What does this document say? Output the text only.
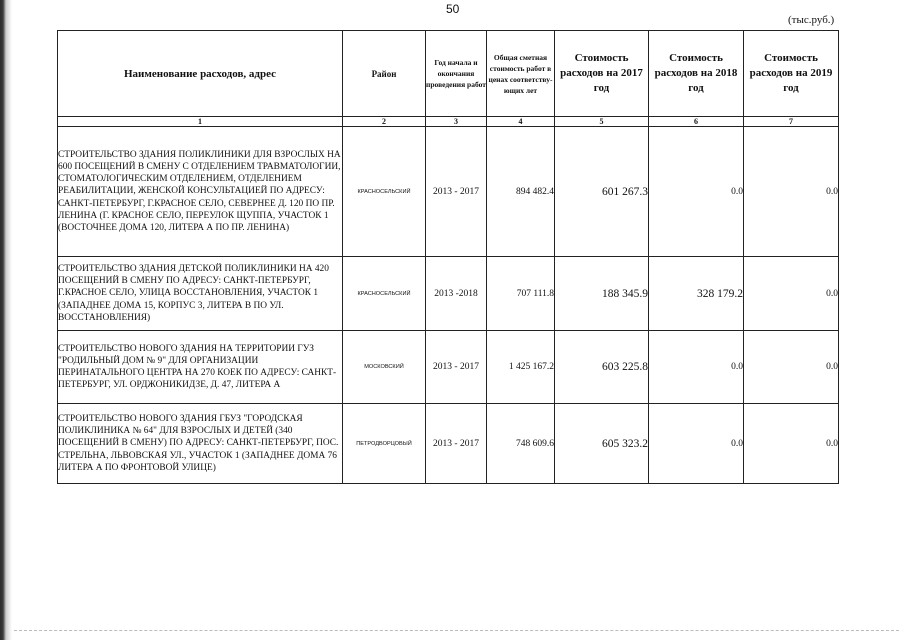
50
(тыс.руб.)
Наименование расходов, адрес	Район	Год начала и окончания проведения работ	Общая сметная стоимость работ в ценах соответству-ющих лет	Стоимость расходов на 2017 год	Стоимость расходов на 2018 год	Стоимость расходов на 2019 год
1	2	3	4	5	6	7
СТРОИТЕЛЬСТВО ЗДАНИЯ ПОЛИКЛИНИКИ ДЛЯ ВЗРОСЛЫХ НА 600 ПОСЕЩЕНИЙ В СМЕНУ С ОТДЕЛЕНИЕМ ТРАВМАТОЛОГИИ, СТОМАТОЛОГИЧЕСКИМ ОТДЕЛЕНИЕМ, ОТДЕЛЕНИЕМ РЕАБИЛИТАЦИИ, ЖЕНСКОЙ КОНСУЛЬТАЦИЕЙ ПО АДРЕСУ: САНКТ-ПЕТЕРБУРГ, Г.КРАСНОЕ СЕЛО, СЕВЕРНЕЕ Д. 120 ПО ПР. ЛЕНИНА (Г. КРАСНОЕ СЕЛО, ПЕРЕУЛОК ЩУППА, УЧАСТОК 1 (ВОСТОЧНЕЕ ДОМА 120, ЛИТЕРА А ПО ПР. ЛЕНИНА)	КРАСНОСЕЛЬСКИЙ	2013 - 2017	894 482.4	601 267.3	0.0	0.0
СТРОИТЕЛЬСТВО ЗДАНИЯ ДЕТСКОЙ ПОЛИКЛИНИКИ НА 420 ПОСЕЩЕНИЙ В СМЕНУ ПО АДРЕСУ: САНКТ-ПЕТЕРБУРГ, Г.КРАСНОЕ СЕЛО, УЛИЦА ВОССТАНОВЛЕНИЯ, УЧАСТОК 1 (ЗАПАДНЕЕ ДОМА 15, КОРПУС 3, ЛИТЕРА В ПО УЛ. ВОССТАНОВЛЕНИЯ)	КРАСНОСЕЛЬСКИЙ	2013 -2018	707 111.8	188 345.9	328 179.2	0.0
СТРОИТЕЛЬСТВО НОВОГО ЗДАНИЯ НА ТЕРРИТОРИИ ГУЗ "РОДИЛЬНЫЙ ДОМ № 9" ДЛЯ ОРГАНИЗАЦИИ ПЕРИНАТАЛЬНОГО ЦЕНТРА НА 270 КОЕК ПО АДРЕСУ: САНКТ-ПЕТЕРБУРГ, УЛ. ОРДЖОНИКИДЗЕ, Д. 47, ЛИТЕРА А	МОСКОВСКИЙ	2013 - 2017	1 425 167.2	603 225.8	0.0	0.0
СТРОИТЕЛЬСТВО НОВОГО ЗДАНИЯ ГБУЗ "ГОРОДСКАЯ ПОЛИКЛИНИКА № 64" ДЛЯ ВЗРОСЛЫХ И ДЕТЕЙ (340 ПОСЕЩЕНИЙ В СМЕНУ) ПО АДРЕСУ: САНКТ-ПЕТЕРБУРГ, ПОС. СТРЕЛЬНА, ЛЬВОВСКАЯ УЛ., УЧАСТОК 1 (ЗАПАДНЕЕ ДОМА 76 ЛИТЕРА А ПО ФРОНТОВОЙ УЛИЦЕ)	ПЕТРОДВОРЦОВЫЙ	2013 - 2017	748 609.6	605 323.2	0.0	0.0
